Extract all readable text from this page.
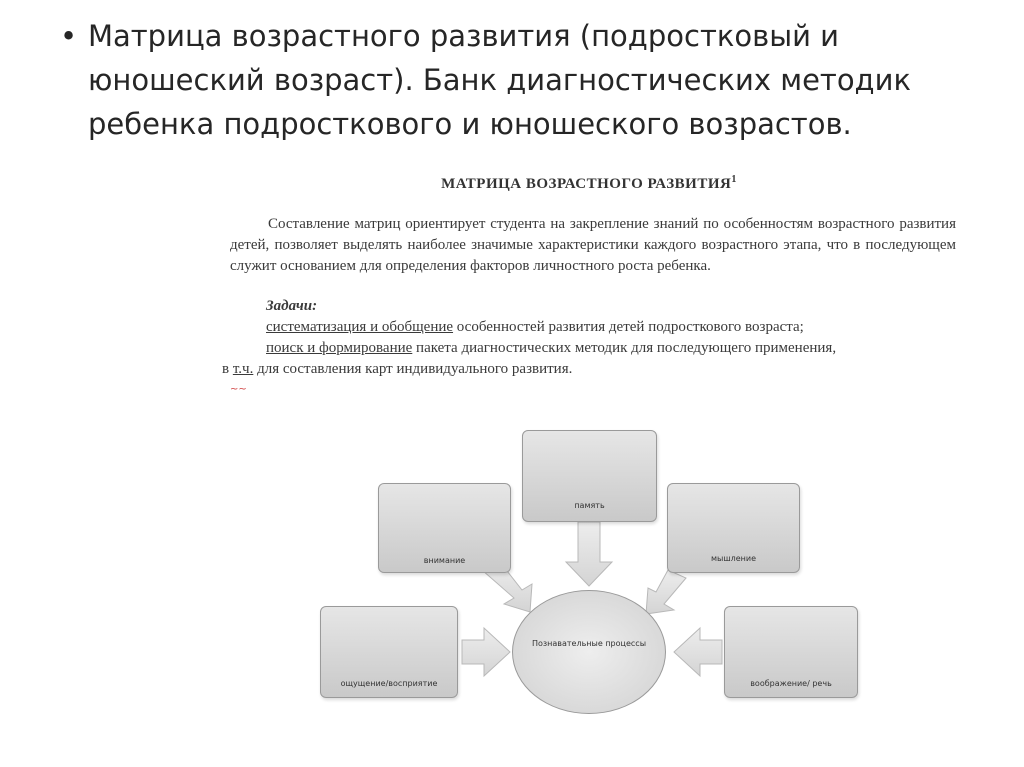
• Матрица возрастного развития (подростковый и юношеский возраст). Банк диагностических методик ребенка подросткового и юношеского возрастов.
МАТРИЦА ВОЗРАСТНОГО РАЗВИТИЯ$^1$
Составление матриц ориентирует студента на закрепление знаний по особенностям возрастного развития детей, позволяет выделять наиболее значимые характеристики каждого возрастного этапа, что в последующем служит основанием для определения факторов личностного роста ребенка.
Задачи:
систематизация и обобщение особенностей развития детей подросткового возраста;
поиск и формирование пакета диагностических методик для последующего применения,
в т.ч. для составления карт индивидуального развития.
~~
память
внимание	мышление
ощущение/восприятие	воображение/ речь
Познавательные процессы
